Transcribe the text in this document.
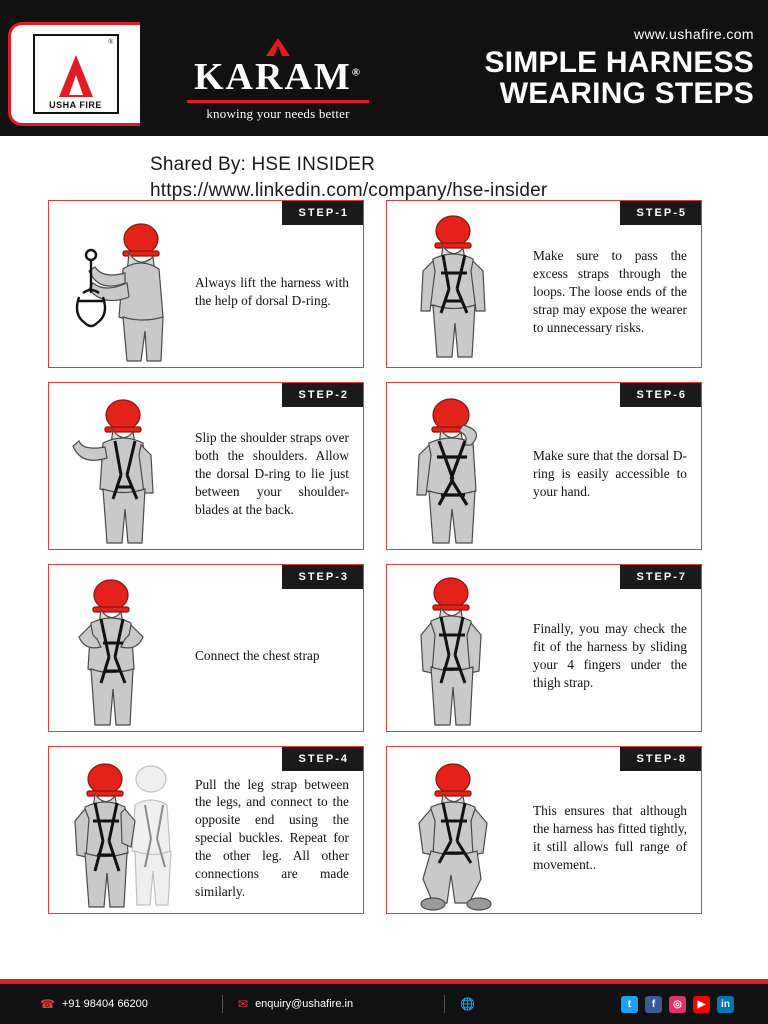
®
USHA FIRE
KARAM®
knowing your needs better
www.ushafire.com
SIMPLE HARNESS
WEARING STEPS
Shared By: HSE INSIDER
https://www.linkedin.com/company/hse-insider
STEP-1
Always lift the harness with the help of dorsal D-ring.
STEP-5
Make sure to pass the excess straps through the loops. The loose ends of the strap may expose the wearer to unnecessary risks.
STEP-2
Slip the shoulder straps over both the shoulders. Allow the dorsal D-ring to lie just between your shoulder-blades at the back.
STEP-6
Make sure that the dorsal D-ring is easily accessible to your hand.
STEP-3
Connect the chest strap
STEP-7
Finally, you may check the fit of the harness by sliding your 4 fingers under the thigh strap.
STEP-4
Pull the leg strap between the legs, and connect to the opposite end using the special buckles. Repeat for the other leg. All other connections are made similarly.
STEP-8
This ensures that although the harness has fitted tightly, it still allows full range of movement..
☎ +91 98404 66200	✉ enquiry@ushafire.in	🌐	t	f	◎	▶	in
